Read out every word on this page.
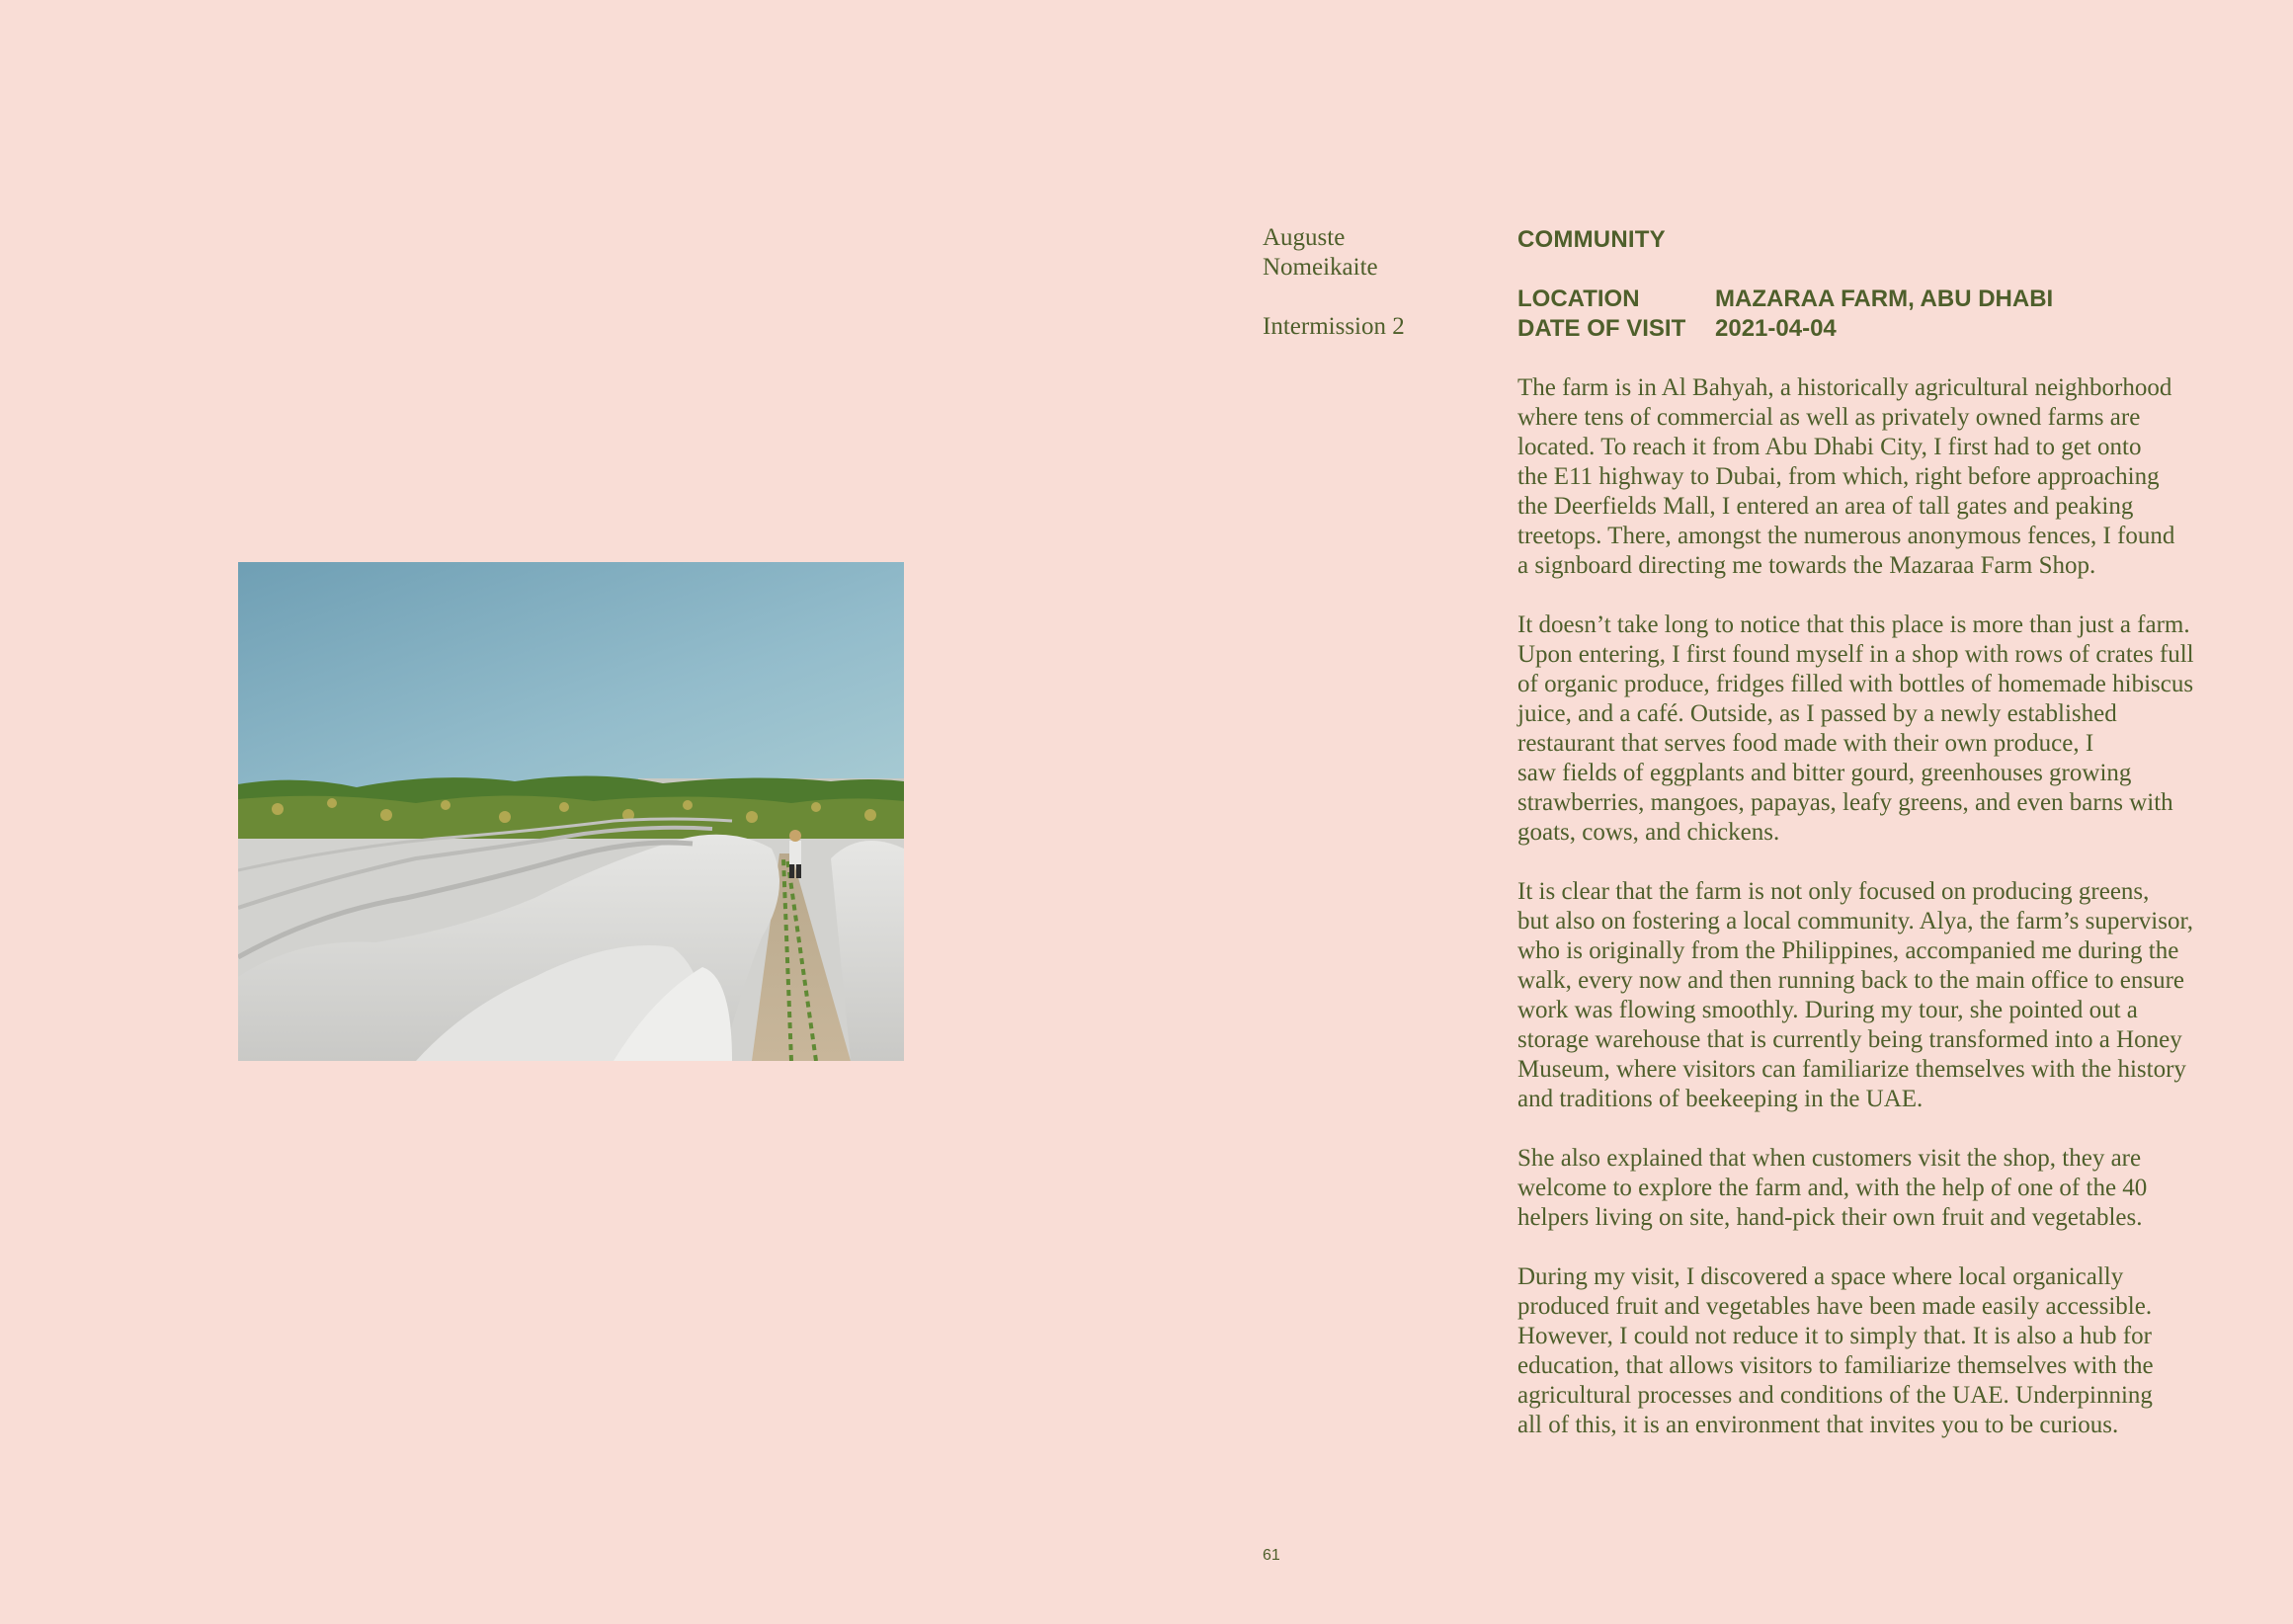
Auguste
Nomeikaite
Intermission 2
COMMUNITY
LOCATION	MAZARAA FARM, ABU DHABI
DATE OF VISIT	2021-04-04

The farm is in Al Bahyah, a historically agricultural neighborhood
where tens of commercial as well as privately owned farms are
located. To reach it from Abu Dhabi City, I first had to get onto
the E11 highway to Dubai, from which, right before approaching
the Deerfields Mall, I entered an area of tall gates and peaking
treetops. There, amongst the numerous anonymous fences, I found
a signboard directing me towards the Mazaraa Farm Shop.

It doesn’t take long to notice that this place is more than just a farm.
Upon entering, I first found myself in a shop with rows of crates full
of organic produce, fridges filled with bottles of homemade hibiscus
juice, and a café. Outside, as I passed by a newly established
restaurant that serves food made with their own produce, I
saw fields of eggplants and bitter gourd, greenhouses growing
strawberries, mangoes, papayas, leafy greens, and even barns with
goats, cows, and chickens.

It is clear that the farm is not only focused on producing greens,
but also on fostering a local community. Alya, the farm’s supervisor,
who is originally from the Philippines, accompanied me during the
walk, every now and then running back to the main office to ensure
work was flowing smoothly. During my tour, she pointed out a
storage warehouse that is currently being transformed into a Honey
Museum, where visitors can familiarize themselves with the history
and traditions of beekeeping in the UAE.

She also explained that when customers visit the shop, they are
welcome to explore the farm and, with the help of one of the 40
helpers living on site, hand-pick their own fruit and vegetables.

During my visit, I discovered a space where local organically
produced fruit and vegetables have been made easily accessible.
However, I could not reduce it to simply that. It is also a hub for
education, that allows visitors to familiarize themselves with the
agricultural processes and conditions of the UAE. Underpinning
all of this, it is an environment that invites you to be curious.

61
